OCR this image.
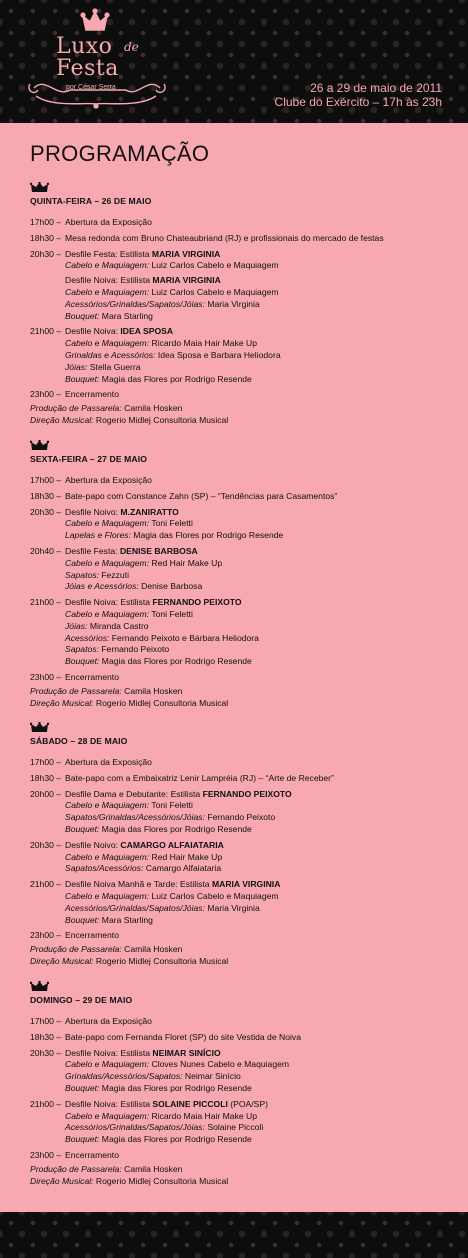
Luxo de
Festa
por César Serra	26 a 29 de maio de 2011
Clube do Exército – 17h às 23h
PROGRAMAÇÃO
QUINTA-FEIRA – 26 DE MAIO
17h00 – Abertura da Exposição
18h30 – Mesa redonda com Bruno Chateaubriand (RJ) e profissionais do mercado de festas
20h30 – Desfile Festa: Estilista MARIA VIRGINIA
Cabelo e Maquiagem: Luiz Carlos Cabelo e Maquiagem
Desfile Noiva: Estilista MARIA VIRGINIA
Cabelo e Maquiagem: Luiz Carlos Cabelo e Maquiagem
Acessórios/Grinaldas/Sapatos/Jóias: Maria Virginia
Bouquet: Mara Starling
21h00 – Desfile Noiva: IDEA SPOSA
Cabelo e Maquiagem: Ricardo Maia Hair Make Up
Grinaldas e Acessórios: Idea Sposa e Barbara Heliodora
Jóias: Stella Guerra
Bouquet: Magia das Flores por Rodrigo Resende
23h00 – Encerramento
Produção de Passarela: Camila Hosken
Direção Musical: Rogerio Midlej Consultoria Musical
SEXTA-FEIRA – 27 DE MAIO
17h00 – Abertura da Exposição
18h30 – Bate-papo com Constance Zahn (SP) – “Tendências para Casamentos”
20h30 – Desfile Noivo: M.ZANIRATTO
Cabelo e Maquiagem: Toni Feletti
Lapelas e Flores: Magia das Flores por Rodrigo Resende
20h40 – Desfile Festa: DENISE BARBOSA
Cabelo e Maquiagem: Red Hair Make Up
Sapatos: Fezzuti
Jóias e Acessórios: Denise Barbosa
21h00 – Desfile Noiva: Estilista FERNANDO PEIXOTO
Cabelo e Maquiagem: Toni Feletti
Jóias: Miranda Castro
Acessórios: Fernando Peixoto e Bárbara Heliodora
Sapatos: Fernando Peixoto
Bouquet: Magia das Flores por Rodrigo Resende
23h00 – Encerramento
Produção de Passarela: Camila Hosken
Direção Musical: Rogerio Midlej Consultoria Musical
SÁBADO – 28 DE MAIO
17h00 – Abertura da Exposição
18h30 – Bate-papo com a Embaixatriz Lenir Lampréia (RJ) – “Arte de Receber”
20h00 – Desfile Dama e Debutante: Estilista FERNANDO PEIXOTO
Cabelo e Maquiagem: Toni Feletti
Sapatos/Grinaldas/Acessórios/Jóias: Fernando Peixoto
Bouquet: Magia das Flores por Rodrigo Resende
20h30 – Desfile Noivo: CAMARGO ALFAIATARIA
Cabelo e Maquiagem: Red Hair Make Up
Sapatos/Acessórios: Camargo Alfaiataria
21h00 – Desfile Noiva Manhã e Tarde: Estilista MARIA VIRGINIA
Cabelo e Maquiagem: Luiz Carlos Cabelo e Maquiagem
Acessórios/Grinaldas/Sapatos/Jóias: Maria Virginia
Bouquet: Mara Starling
23h00 – Encerramento
Produção de Passarela: Camila Hosken
Direção Musical: Rogerio Midlej Consultoria Musical
DOMINGO – 29 DE MAIO
17h00 – Abertura da Exposição
18h30 – Bate-papo com Fernanda Floret (SP) do site Vestida de Noiva
20h30 – Desfile Noiva: Estilista NEIMAR SINÍCIO
Cabelo e Maquiagem: Cloves Nunes Cabelo e Maquiagem
Grinaldas/Acessórios/Sapatos: Neimar Sinício
Bouquet: Magia das Flores por Rodrigo Resende
21h00 – Desfile Noiva: Estilista SOLAINE PICCOLI (POA/SP)
Cabelo e Maquiagem: Ricardo Maia Hair Make Up
Acessórios/Grinaldas/Sapatos/Jóias: Solaine Piccoli
Bouquet: Magia das Flores por Rodrigo Resende
23h00 – Encerramento
Produção de Passarela: Camila Hosken
Direção Musical: Rogerio Midlej Consultoria Musical
